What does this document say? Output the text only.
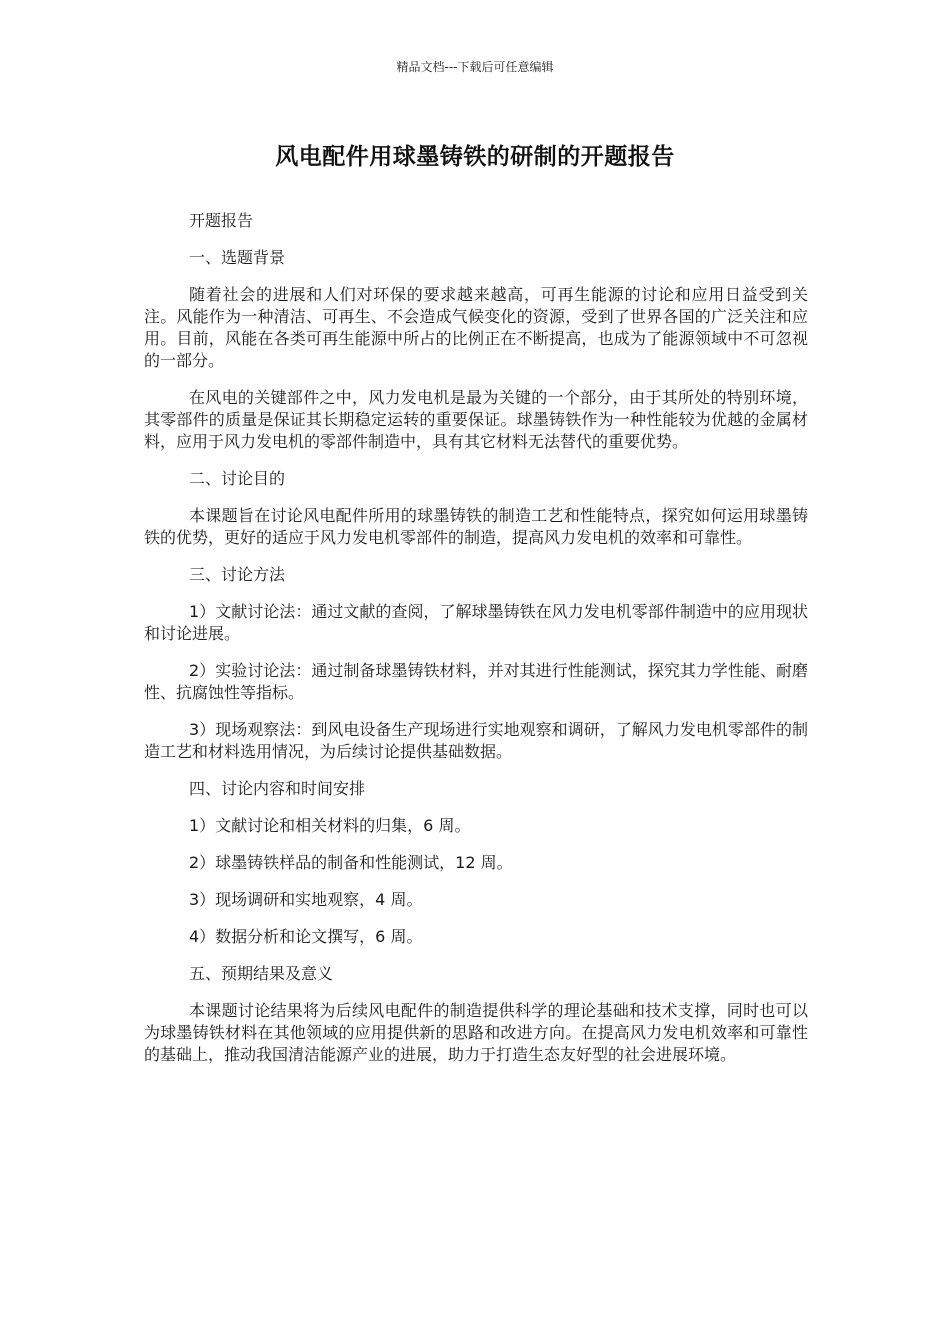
精品文档---下载后可任意编辑
风电配件用球墨铸铁的研制的开题报告

开题报告

一、选题背景

随着社会的进展和人们对环保的要求越来越高，可再生能源的讨论和应用日益受到关注。风能作为一种清洁、可再生、不会造成气候变化的资源，受到了世界各国的广泛关注和应用。目前，风能在各类可再生能源中所占的比例正在不断提高，也成为了能源领域中不可忽视的一部分。

在风电的关键部件之中，风力发电机是最为关键的一个部分，由于其所处的特别环境，其零部件的质量是保证其长期稳定运转的重要保证。球墨铸铁作为一种性能较为优越的金属材料，应用于风力发电机的零部件制造中，具有其它材料无法替代的重要优势。

二、讨论目的

本课题旨在讨论风电配件所用的球墨铸铁的制造工艺和性能特点，探究如何运用球墨铸铁的优势，更好的适应于风力发电机零部件的制造，提高风力发电机的效率和可靠性。

三、讨论方法

1）文献讨论法：通过文献的查阅，了解球墨铸铁在风力发电机零部件制造中的应用现状和讨论进展。

2）实验讨论法：通过制备球墨铸铁材料，并对其进行性能测试，探究其力学性能、耐磨性、抗腐蚀性等指标。

3）现场观察法：到风电设备生产现场进行实地观察和调研，了解风力发电机零部件的制造工艺和材料选用情况，为后续讨论提供基础数据。

四、讨论内容和时间安排

1）文献讨论和相关材料的归集，6 周。

2）球墨铸铁样品的制备和性能测试，12 周。

3）现场调研和实地观察，4 周。

4）数据分析和论文撰写，6 周。

五、预期结果及意义

本课题讨论结果将为后续风电配件的制造提供科学的理论基础和技术支撑，同时也可以为球墨铸铁材料在其他领域的应用提供新的思路和改进方向。在提高风力发电机效率和可靠性的基础上，推动我国清洁能源产业的进展，助力于打造生态友好型的社会进展环境。
